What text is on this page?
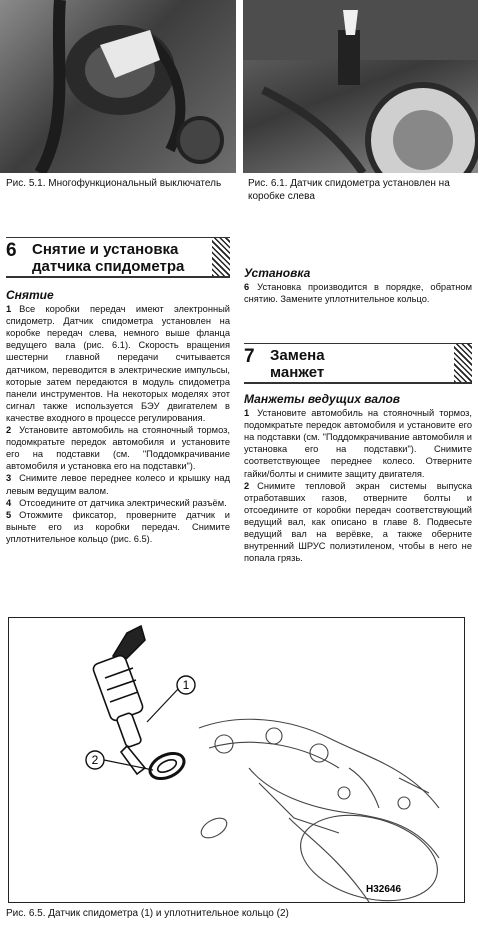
Рис. 5.1. Многофункциональный выключатель	Рис. 6.1. Датчик спидометра установлен на коробке слева
6 Снятие и установка датчика спидометра
Снятие

1 Все коробки передач имеют электронный спидометр. Датчик спидометра установлен на коробке передач слева, немного выше фланца ведущего вала (рис. 6.1). Скорость вращения шестерни главной передачи считывается датчиком, переводится в электрические импульсы, которые затем передаются в модуль спидометра панели инструментов. На некоторых моделях этот сигнал также используется БЭУ двигателем в качестве входного в процессе регулирования.

2 Установите автомобиль на стояночный тормоз, подомкратьте передок автомобиля и установите его на подставки (см. "Поддомкрачивание автомобиля и установка его на подставки").

3 Снимите левое переднее колесо и крышку над левым ведущим валом.

4 Отсоедините от датчика электрический разъём.

5 Отожмите фиксатор, проверните датчик и выньте его из коробки передач. Снимите уплотнительное кольцо (рис. 6.5).

Установка

6 Установка производится в порядке, обратном снятию. Замените уплотнительное кольцо.

7 Замена манжет
Манжеты ведущих валов

1 Установите автомобиль на стояночный тормоз, подомкратьте передок автомобиля и установите его на подставки (см. "Поддомкрачивание автомобиля и установка его на подставки"). Снимите соответствующее переднее колесо. Отверните гайки/болты и снимите защиту двигателя.

2 Снимите тепловой экран системы выпуска отработавших газов, отверните болты и отсоедините от коробки передач соответствующий ведущий вал, как описано в главе 8. Подвесьте ведущий вал на верёвке, а также оберните внутренний ШРУС полиэтиленом, чтобы в него не попала грязь.

1
2
H32646
Рис. 6.5. Датчик спидометра (1) и уплотнительное кольцо (2)
